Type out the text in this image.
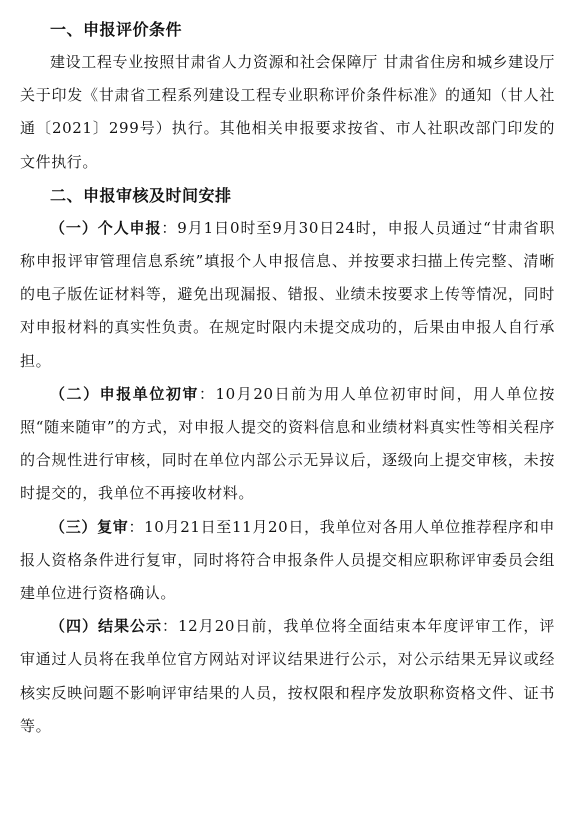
一、申报评价条件

建设工程专业按照甘肃省人力资源和社会保障厅 甘肃省住房和城乡建设厅关于印发《甘肃省工程系列建设工程专业职称评价条件标准》的通知（甘人社通〔2021〕299号）执行。其他相关申报要求按省、市人社职改部门印发的文件执行。

二、申报审核及时间安排

（一）个人申报：9月1日0时至9月30日24时，申报人员通过“甘肃省职称申报评审管理信息系统”填报个人申报信息、并按要求扫描上传完整、清晰的电子版佐证材料等，避免出现漏报、错报、业绩未按要求上传等情况，同时对申报材料的真实性负责。在规定时限内未提交成功的，后果由申报人自行承担。

（二）申报单位初审：10月20日前为用人单位初审时间，用人单位按照“随来随审”的方式，对申报人提交的资料信息和业绩材料真实性等相关程序的合规性进行审核，同时在单位内部公示无异议后，逐级向上提交审核，未按时提交的，我单位不再接收材料。

（三）复审：10月21日至11月20日，我单位对各用人单位推荐程序和申报人资格条件进行复审，同时将符合申报条件人员提交相应职称评审委员会组建单位进行资格确认。

（四）结果公示：12月20日前，我单位将全面结束本年度评审工作，评审通过人员将在我单位官方网站对评议结果进行公示，对公示结果无异议或经核实反映问题不影响评审结果的人员，按权限和程序发放职称资格文件、证书等。
